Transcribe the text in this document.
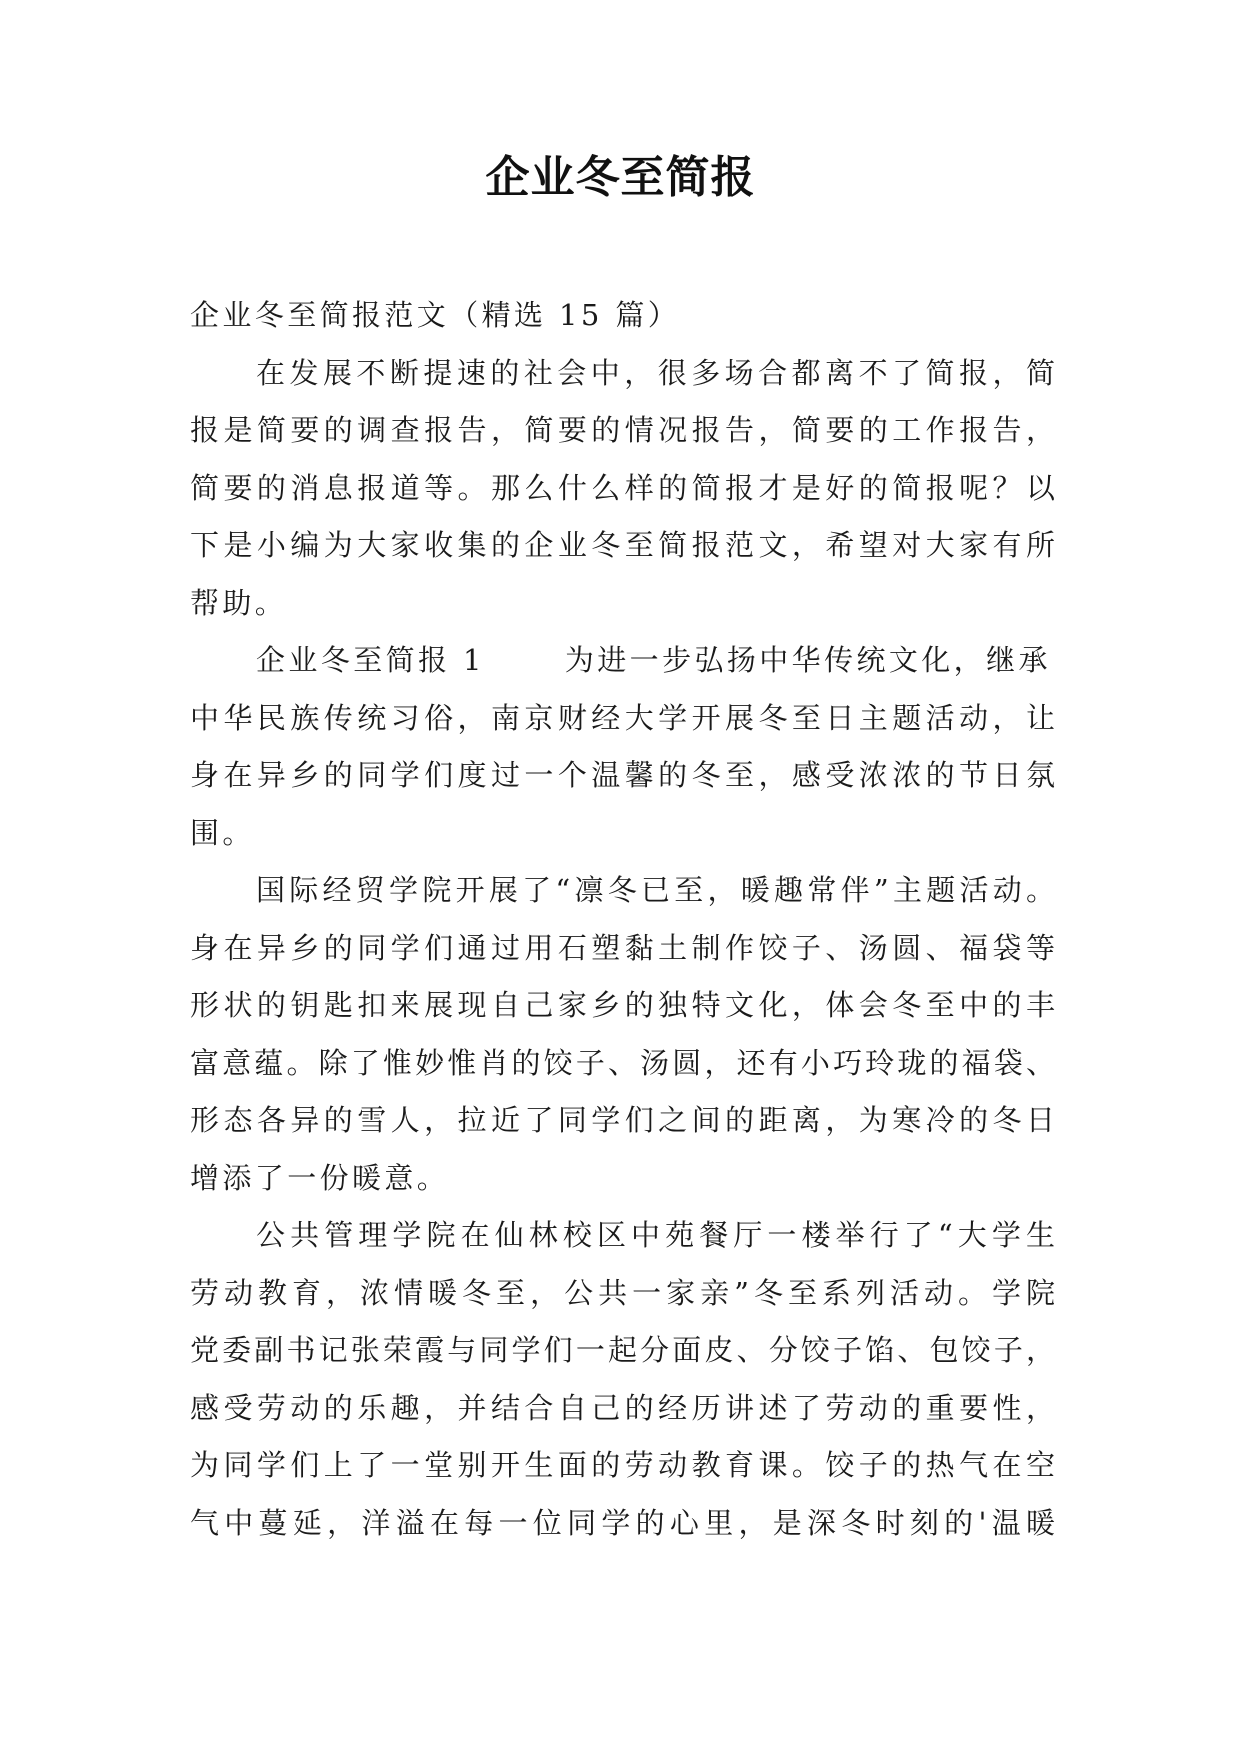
企业冬至简报
企业冬至简报范文（精选 15 篇）
在发展不断提速的社会中，很多场合都离不了简报，简
报是简要的调查报告，简要的情况报告，简要的工作报告，
简要的消息报道等。那么什么样的简报才是好的简报呢？以
下是小编为大家收集的企业冬至简报范文，希望对大家有所
帮助。
企业冬至简报 1	为进一步弘扬中华传统文化，继承
中华民族传统习俗，南京财经大学开展冬至日主题活动，让
身在异乡的同学们度过一个温馨的冬至，感受浓浓的节日氛
围。
国际经贸学院开展了“凛冬已至，暖趣常伴”主题活动。
身在异乡的同学们通过用石塑黏土制作饺子、汤圆、福袋等
形状的钥匙扣来展现自己家乡的独特文化，体会冬至中的丰
富意蕴。除了惟妙惟肖的饺子、汤圆，还有小巧玲珑的福袋、
形态各异的雪人，拉近了同学们之间的距离，为寒冷的冬日
增添了一份暖意。
公共管理学院在仙林校区中苑餐厅一楼举行了“大学生
劳动教育，浓情暖冬至，公共一家亲”冬至系列活动。学院
党委副书记张荣霞与同学们一起分面皮、分饺子馅、包饺子，
感受劳动的乐趣，并结合自己的经历讲述了劳动的重要性，
为同学们上了一堂别开生面的劳动教育课。饺子的热气在空
气中蔓延，洋溢在每一位同学的心里，是深冬时刻的'温暖
